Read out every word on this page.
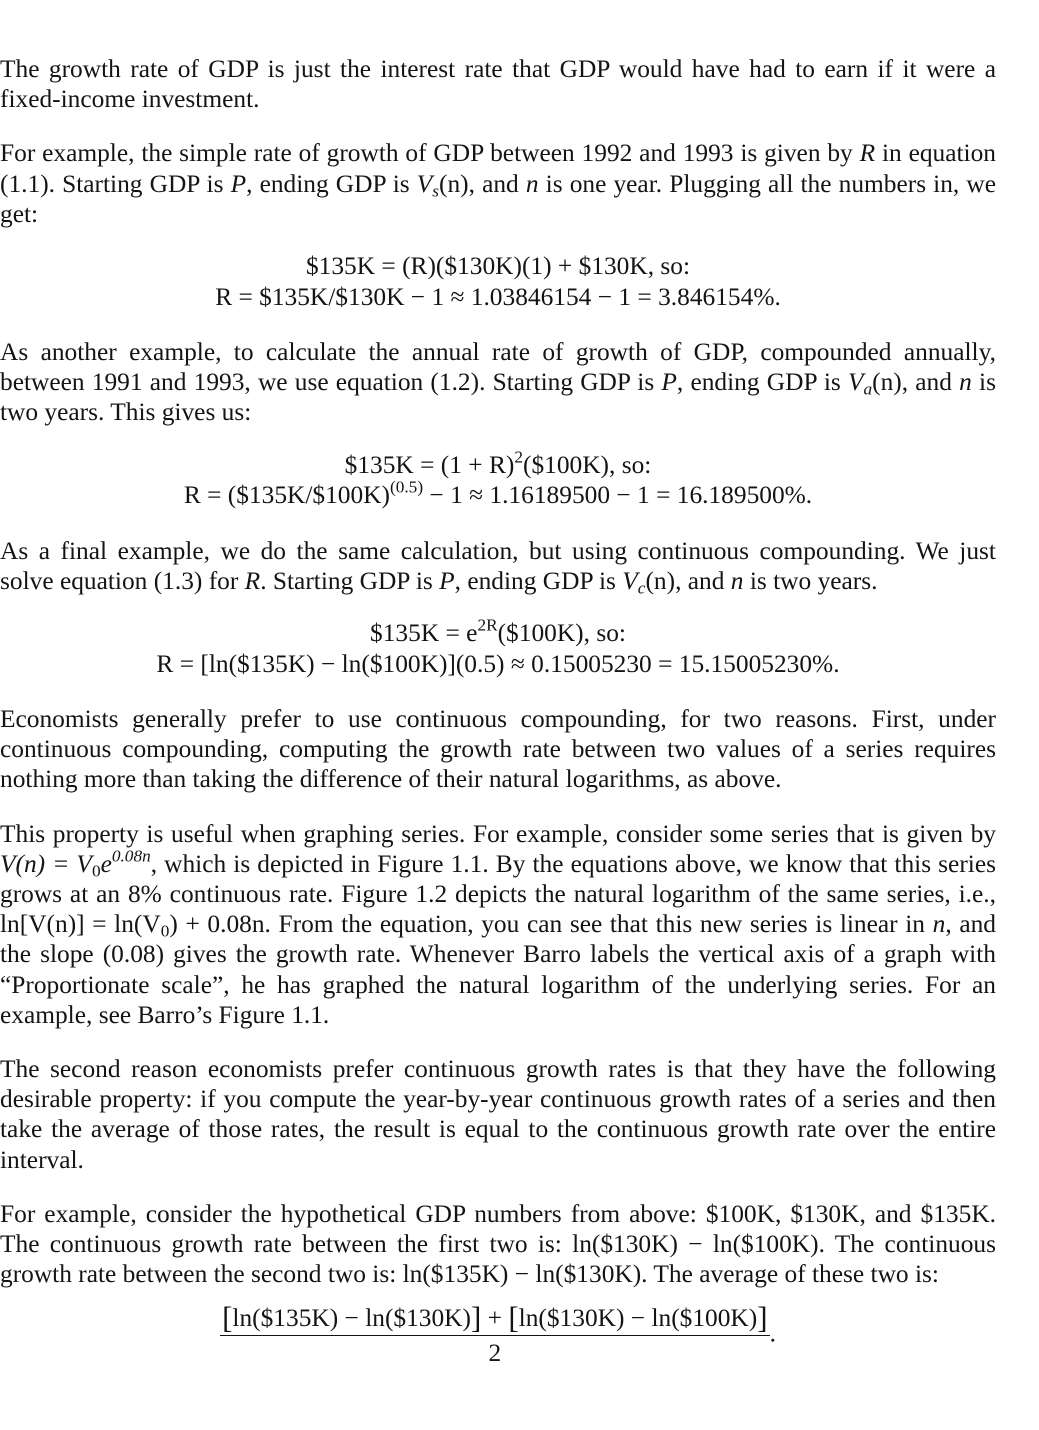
The growth rate of GDP is just the interest rate that GDP would have had to earn if it were a fixed-income investment.

For example, the simple rate of growth of GDP between 1992 and 1993 is given by R in equation (1.1). Starting GDP is P, ending GDP is $V_s(n)$, and n is one year. Plugging all the numbers in, we get:

$135K = (R)($130K)(1) + $130K, so:
R = $135K/$130K − 1 ≈ 1.03846154 − 1 = 3.846154%.

As another example, to calculate the annual rate of growth of GDP, compounded annually, between 1991 and 1993, we use equation (1.2). Starting GDP is P, ending GDP is $V_a(n)$, and n is two years. This gives us:

$135K = $(1 + R)^2(\$100K)$, so:
R = ($135K/$100K)$^{(0.5)}$ − 1 ≈ 1.16189500 − 1 = 16.189500%.

As a final example, we do the same calculation, but using continuous compounding. We just solve equation (1.3) for R. Starting GDP is P, ending GDP is $V_c(n)$, and n is two years.

$135K = $e^{2R}(\$100K)$, so:
R = [ln($135K) − ln($100K)](0.5) ≈ 0.15005230 = 15.15005230%.

Economists generally prefer to use continuous compounding, for two reasons. First, under continuous compounding, computing the growth rate between two values of a series requires nothing more than taking the difference of their natural logarithms, as above.

This property is useful when graphing series. For example, consider some series that is given by $V(n) = V_0e^{0.08n}$, which is depicted in Figure 1.1. By the equations above, we know that this series grows at an 8% continuous rate. Figure 1.2 depicts the natural logarithm of the same series, i.e., $\ln[V(n)] = \ln(V_0) + 0.08n$. From the equation, you can see that this new series is linear in n, and the slope (0.08) gives the growth rate. Whenever Barro labels the vertical axis of a graph with “Proportionate scale”, he has graphed the natural logarithm of the underlying series. For an example, see Barro’s Figure 1.1.

The second reason economists prefer continuous growth rates is that they have the following desirable property: if you compute the year-by-year continuous growth rates of a series and then take the average of those rates, the result is equal to the continuous growth rate over the entire interval.

For example, consider the hypothetical GDP numbers from above: $100K, $130K, and $135K. The continuous growth rate between the first two is: ln($130K) − ln($100K). The continuous growth rate between the second two is: ln($135K) − ln($130K). The average of these two is:

$\frac{[\ln(\$135K) - \ln(\$130K)] + [\ln(\$130K) - \ln(\$100K)]}{2}$ .
